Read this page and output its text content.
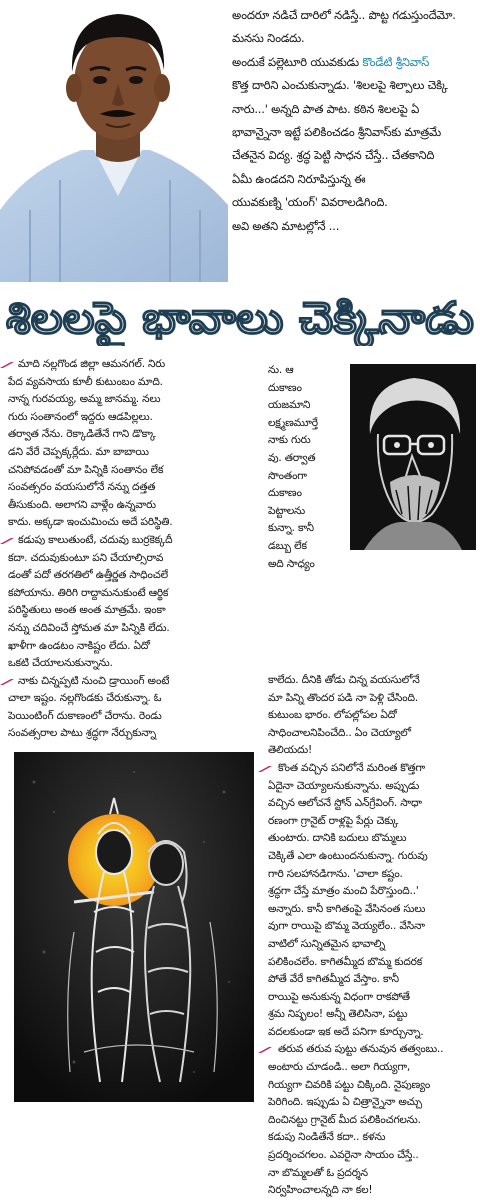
అందరూ నడిచే దారిలో నడిస్తే.. పొట్ట గడుస్తుందేమో.
మనసు నిండదు.
అందుకే పల్లెటూరి యువకుడు కొండేటి శ్రీనివాస్
కొత్త దారిని ఎంచుకున్నాడు. 'శిలలపై శిల్పాలు చెక్కి
నారు...' అన్నది పాత పాట. కఠిన శిలలపై ఏ
భావాన్నైనా ఇట్టే పలికించడం శ్రీనివాస్‌కు మాత్రమే
చేతనైన విద్య. శ్రద్ధ పెట్టి సాధన చేస్తే.. చేతకానిది
ఏమీ ఉండదని నిరూపిస్తున్న ఈ
యువకుణ్ని 'యంగ్' వివరాలడిగింది.
అవి అతని మాటల్లోనే ...
శిలలపై భావాలు చెక్కినాడు
మాది నల్లగొండ జిల్లా ఆమనగల్. నిరు
పేద వ్యవసాయ కూలీ కుటుంబం మాది.
నాన్న గురవయ్య, అమ్మ జానమ్మ. నలు
గురు సంతానంలో ఇద్దరు ఆడపిల్లలు.
తర్వాత నేను. రెక్కాడితేనే గాని డొక్కా
డని వేరే చెప్పక్కర్లేదు. మా బాబాయి
చనిపోవడంతో మా పిన్నికి సంతానం లేక
సంవత్సరం వయసులోనే నన్ను దత్తత
తీసుకుంది. అలాగని వాళ్లేం ఉన్నవారు
కాదు. అక్కడా ఇంచుమించు అదే పరిస్థితి.
కడుపు కాలుతుంటే, చదువు బుర్రకెక్కదీ
కదా. చదువుకుంటూ పని చేయాల్సిరావ
డంతో పదో తరగతిలో ఉత్తీర్ణత సాధించలే
కపోయాను. తిరిగి రాద్దామనుకుంటే ఆర్థిక
పరిస్థితులు అంత అంత మాత్రమే. ఇంకా
నన్ను చదివించే స్తోమత మా పిన్నికి లేదు.
ఖాళీగా ఉండటం నాకిష్టం లేదు. ఏదో
ఒకటి చేయాలనుకున్నాను.
నాకు చిన్నప్పటి నుంచి డ్రాయింగ్ అంటే
చాలా ఇష్టం. నల్లగొండకు చేరుకున్నా. ఓ
పెయింటింగ్ దుకాణంలో చేరాను. రెండు
సంవత్సరాల పాటు శ్రద్ధగా నేర్చుకున్నా
ను. ఆ
దుకాణం
యజమాని
లక్ష్మణమూర్తే
నాకు గురు
వు. తర్వాత
సొంతంగా
దుకాణం
పెట్టాలను
కున్నా. కానీ
డబ్బు లేక
అది సాధ్యం
కాలేదు. దీనికి తోడు చిన్న వయసులోనే
మా పిన్ని తొందర పడి నా పెళ్లి చేసింది.
కుటుంబ భారం. లోపల్లోపల ఏదో
సాధించాలనిపించేది.. ఏం చెయ్యాలో
తెలియదు!
కొంత వచ్చిన పనిలోనే మరింత కొత్తగా
ఏదైనా చెయ్యాలనుకున్నాను. అప్పుడు
వచ్చిన ఆలోచనే స్టోన్ ఎన్‌గ్రేవింగ్. సాధా
రణంగా గ్రానైట్ రాళ్లపై పేర్లు చెక్కు
తుంటారు. దానికి బదులు బొమ్మలు
చెక్కితే ఎలా ఉంటుందనుకున్నా. గురువు
గారి సలహానడిగాను. 'చాలా కష్టం.
శ్రద్ధగా చేస్తే మాత్రం మంచి పేరొస్తుంది..'
అన్నారు. కానీ కాగితంపై వేసినంత సులు
వుగా రాయిపై బొమ్మ వెయ్యలేం.. వేసినా
వాటిలో సున్నితమైన భావాల్ని
పలికించలేం. కాగితమ్మీద బొమ్మ కుదరక
పోతే వేరే కాగితమ్మీద వేస్తాం. కానీ
రాయిపై అనుకున్న విధంగా రాకపోతే
శ్రమ నిష్ఫలం! అన్నీ తెలిసినా, పట్టు
వదలకుండా ఇక అదే పనిగా కూర్చున్నా.
తరువ తరువ పుట్టు తనువున తత్వంబు..
అంటారు చూడండి.. అలా గియ్యగా,
గియ్యగా చివరికి పట్టు చిక్కింది. నైపుణ్యం
పెరిగింది. ఇప్పుడు ఏ చిత్రాన్నైనా అచ్చు
దించినట్టు గ్రానైట్ మీద పలికించగలను.
కడుపు నిండితేనే కదా.. కళను
ప్రదర్శించగలం. ఎవరైనా సాయం చేస్తే..
నా బొమ్మలతో ఓ ప్రదర్శన
నిర్వహించాలన్నది నా కల!
